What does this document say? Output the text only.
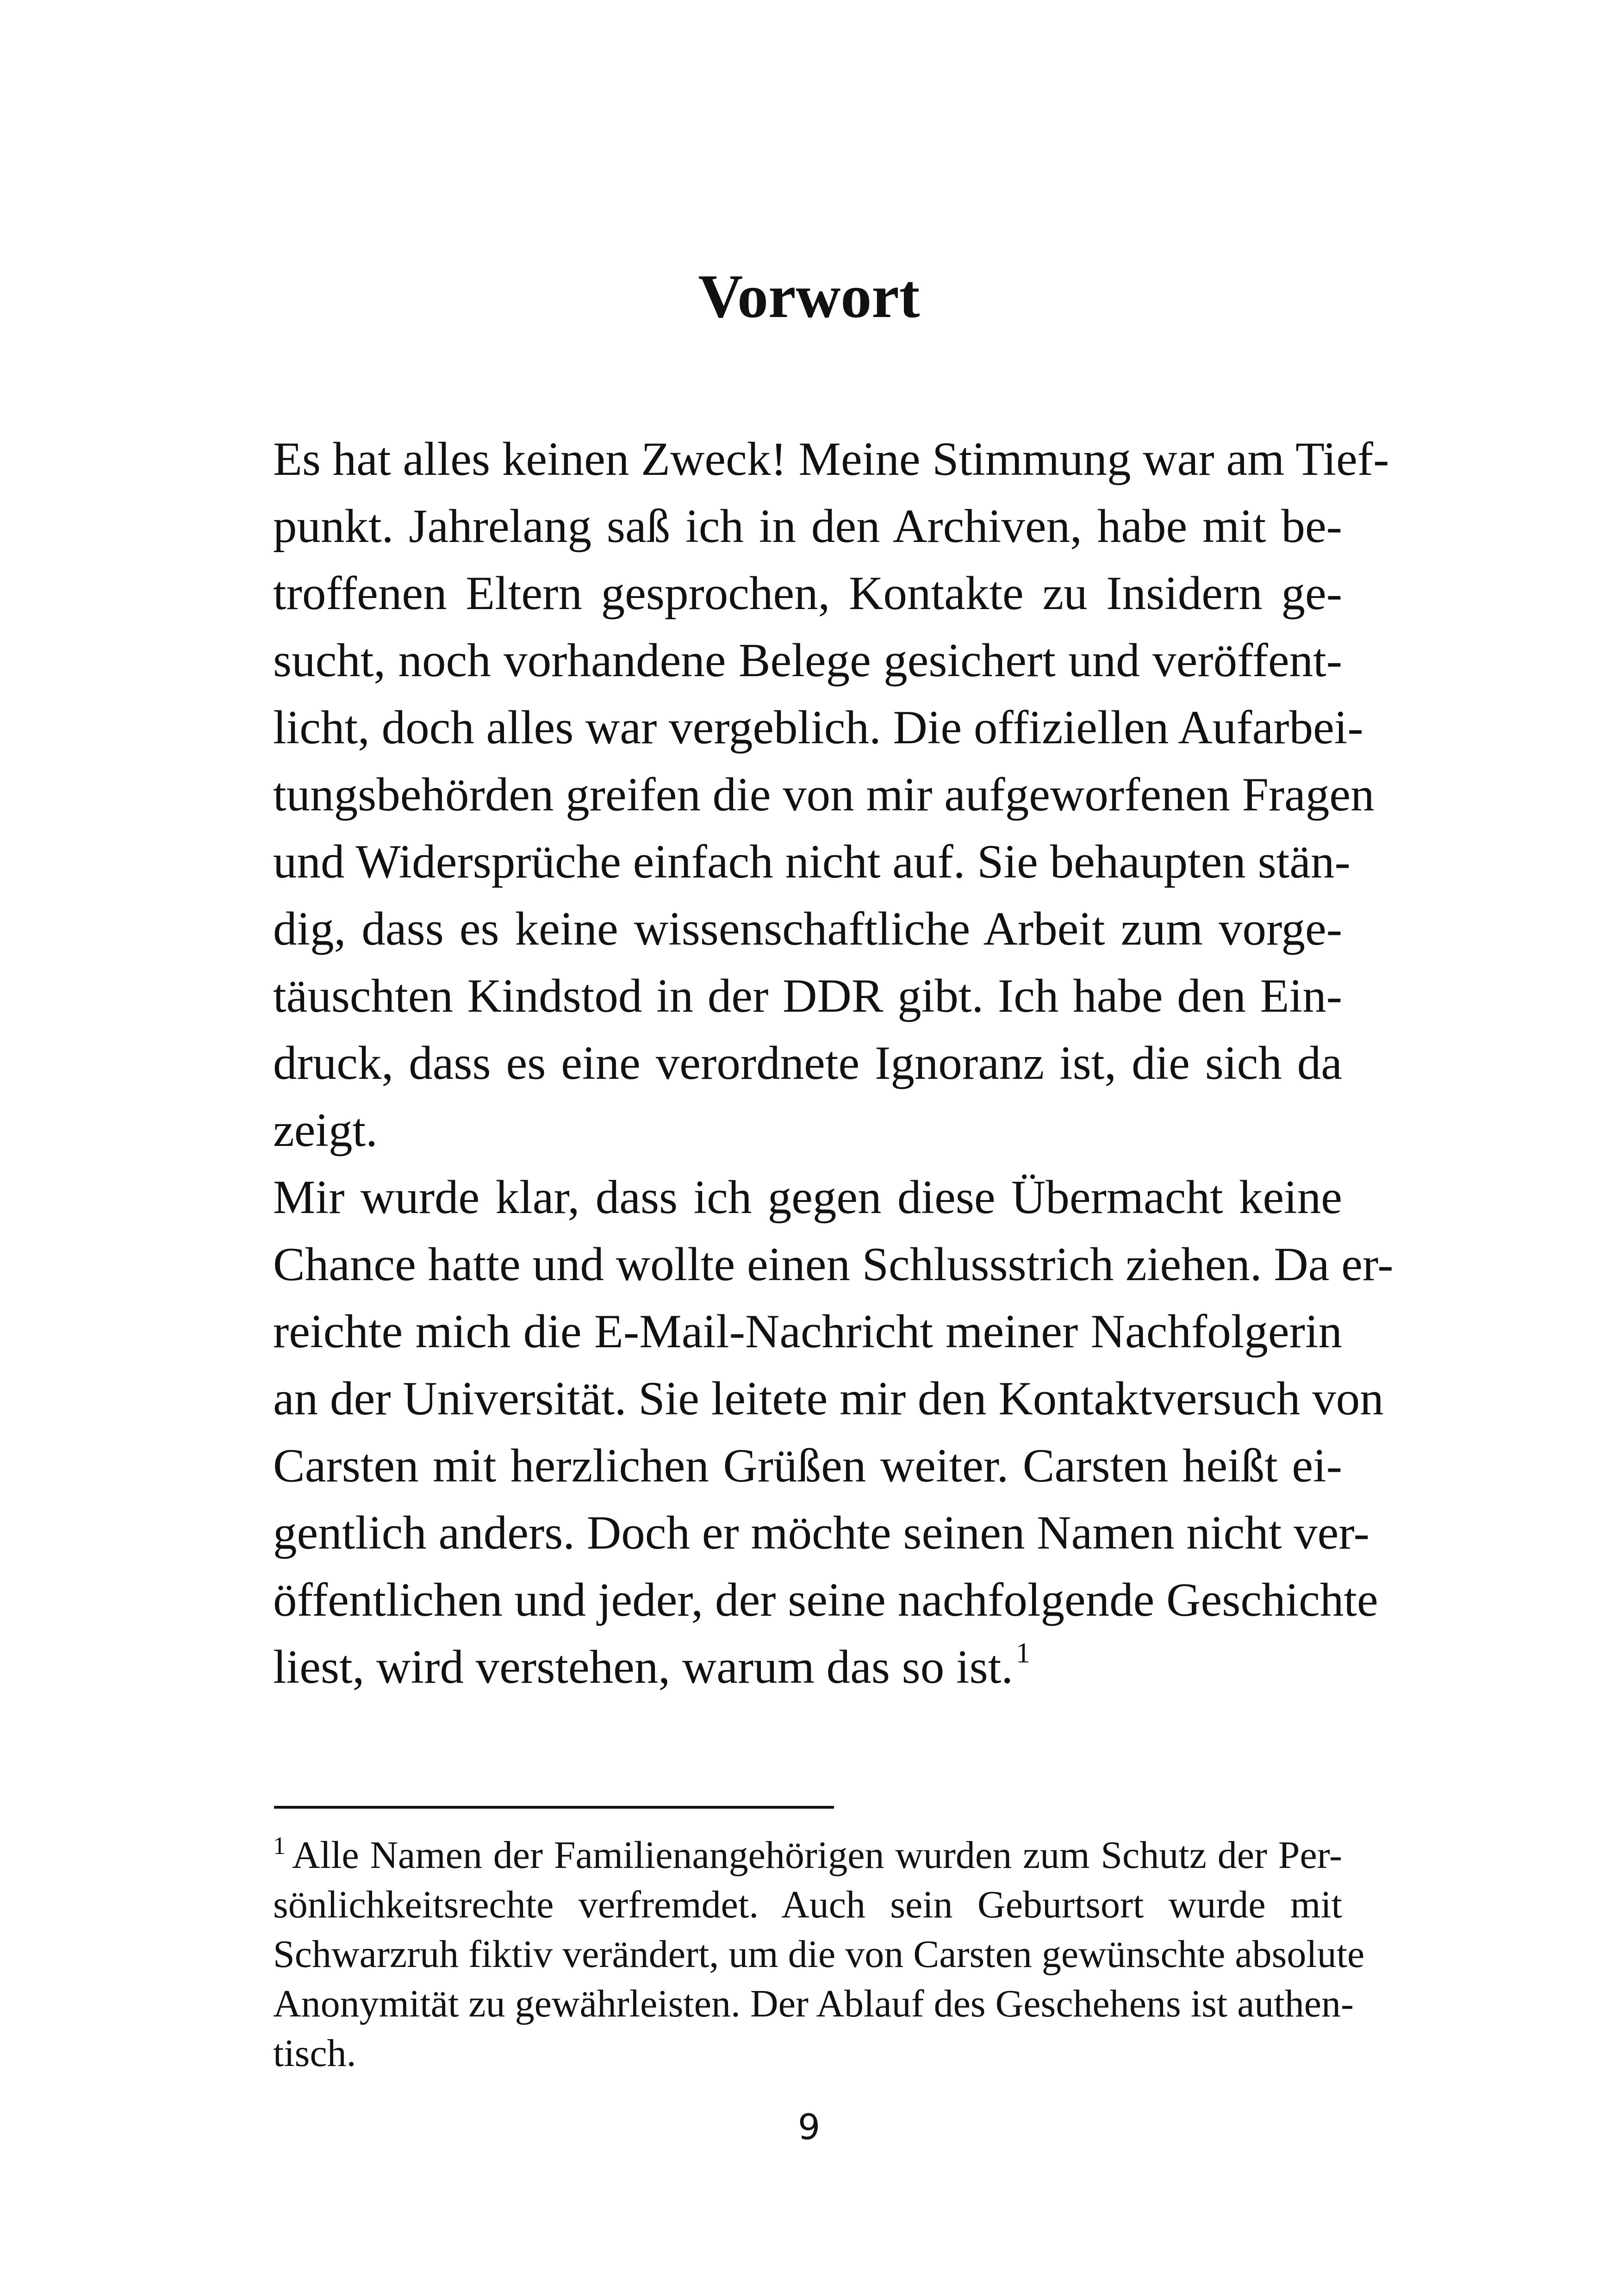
Vorwort
Es hat alles keinen Zweck! Meine Stimmung war am Tief-
punkt. Jahrelang saß ich in den Archiven, habe mit be-
troffenen Eltern gesprochen, Kontakte zu Insidern ge-
sucht, noch vorhandene Belege gesichert und veröffent-
licht, doch alles war vergeblich. Die offiziellen Aufarbei-
tungsbehörden greifen die von mir aufgeworfenen Fragen
und Widersprüche einfach nicht auf. Sie behaupten stän-
dig, dass es keine wissenschaftliche Arbeit zum vorge-
täuschten Kindstod in der DDR gibt. Ich habe den Ein-
druck, dass es eine verordnete Ignoranz ist, die sich da
zeigt.
Mir wurde klar, dass ich gegen diese Übermacht keine
Chance hatte und wollte einen Schlussstrich ziehen. Da er-
reichte mich die E-Mail-Nachricht meiner Nachfolgerin
an der Universität. Sie leitete mir den Kontaktversuch von
Carsten mit herzlichen Grüßen weiter. Carsten heißt ei-
gentlich anders. Doch er möchte seinen Namen nicht ver-
öffentlichen und jeder, der seine nachfolgende Geschichte
liest, wird verstehen, warum das so ist.$^1$
$^1$ Alle Namen der Familienangehörigen wurden zum Schutz der Per-
sönlichkeitsrechte verfremdet. Auch sein Geburtsort wurde mit
Schwarzruh fiktiv verändert, um die von Carsten gewünschte absolute
Anonymität zu gewährleisten. Der Ablauf des Geschehens ist authen-
tisch.
9
